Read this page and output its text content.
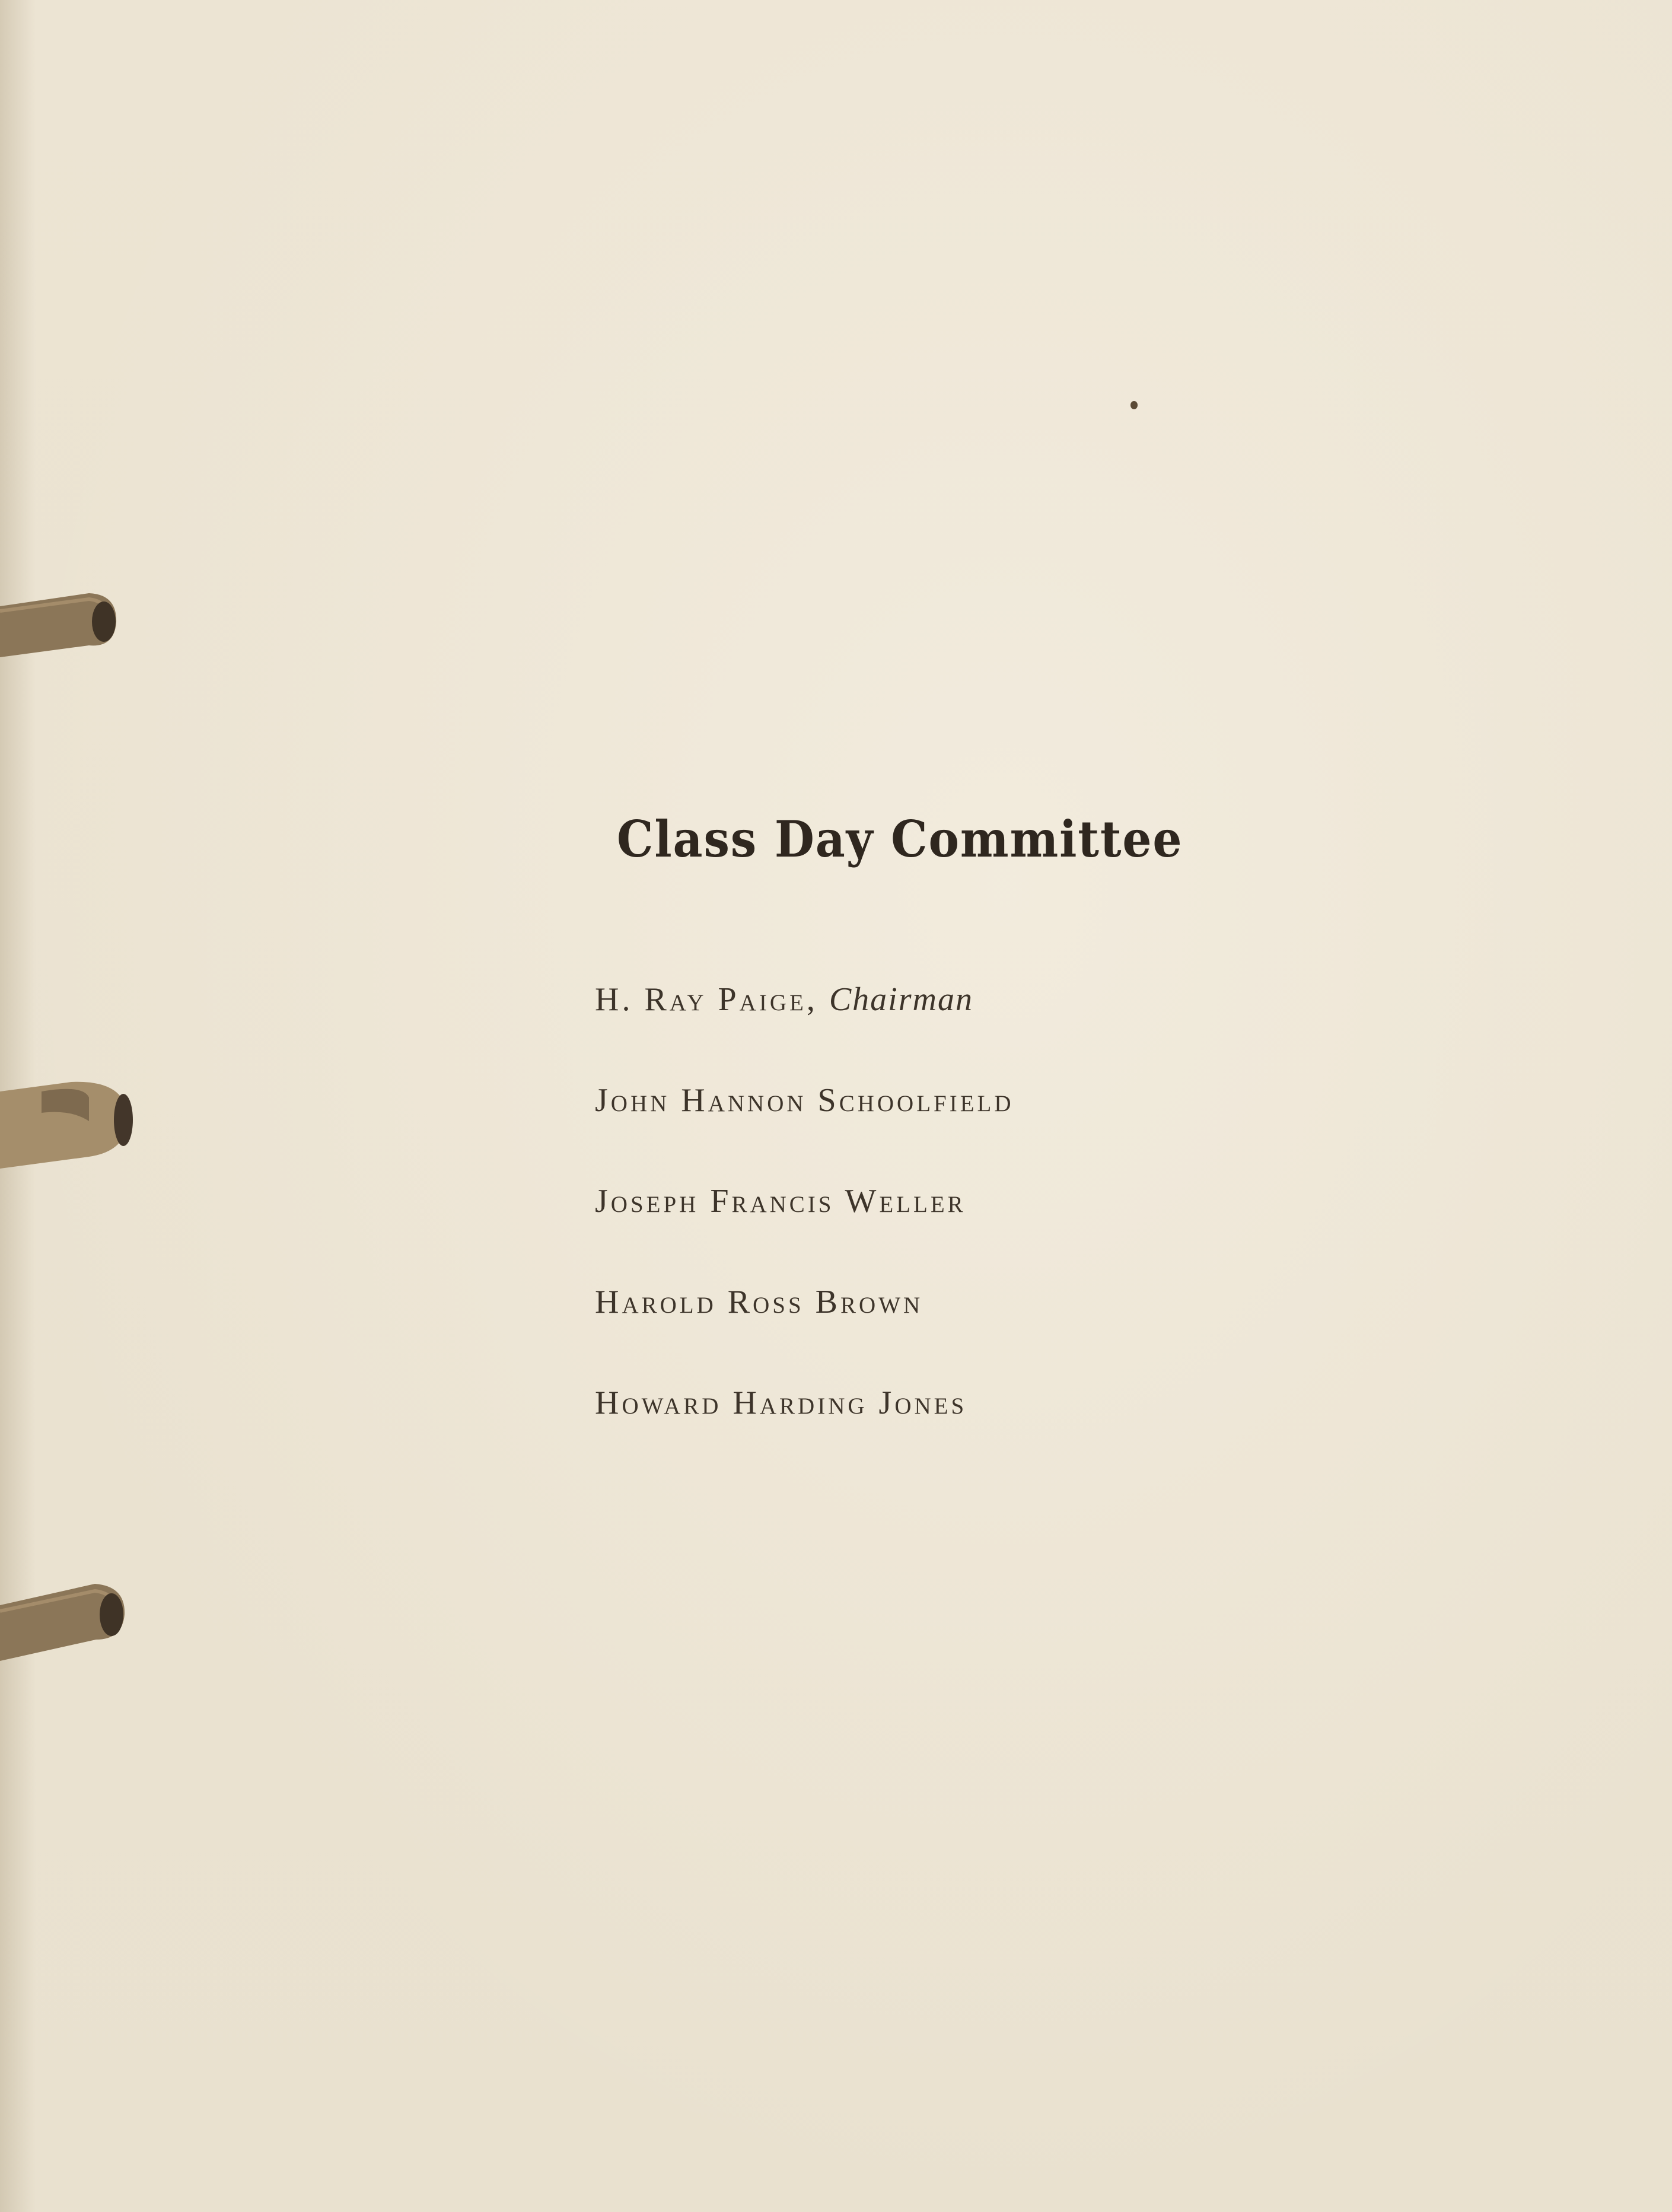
Class Day Committee
H. Ray Paige, Chairman
John Hannon Schoolfield
Joseph Francis Weller
Harold Ross Brown
Howard Harding Jones
